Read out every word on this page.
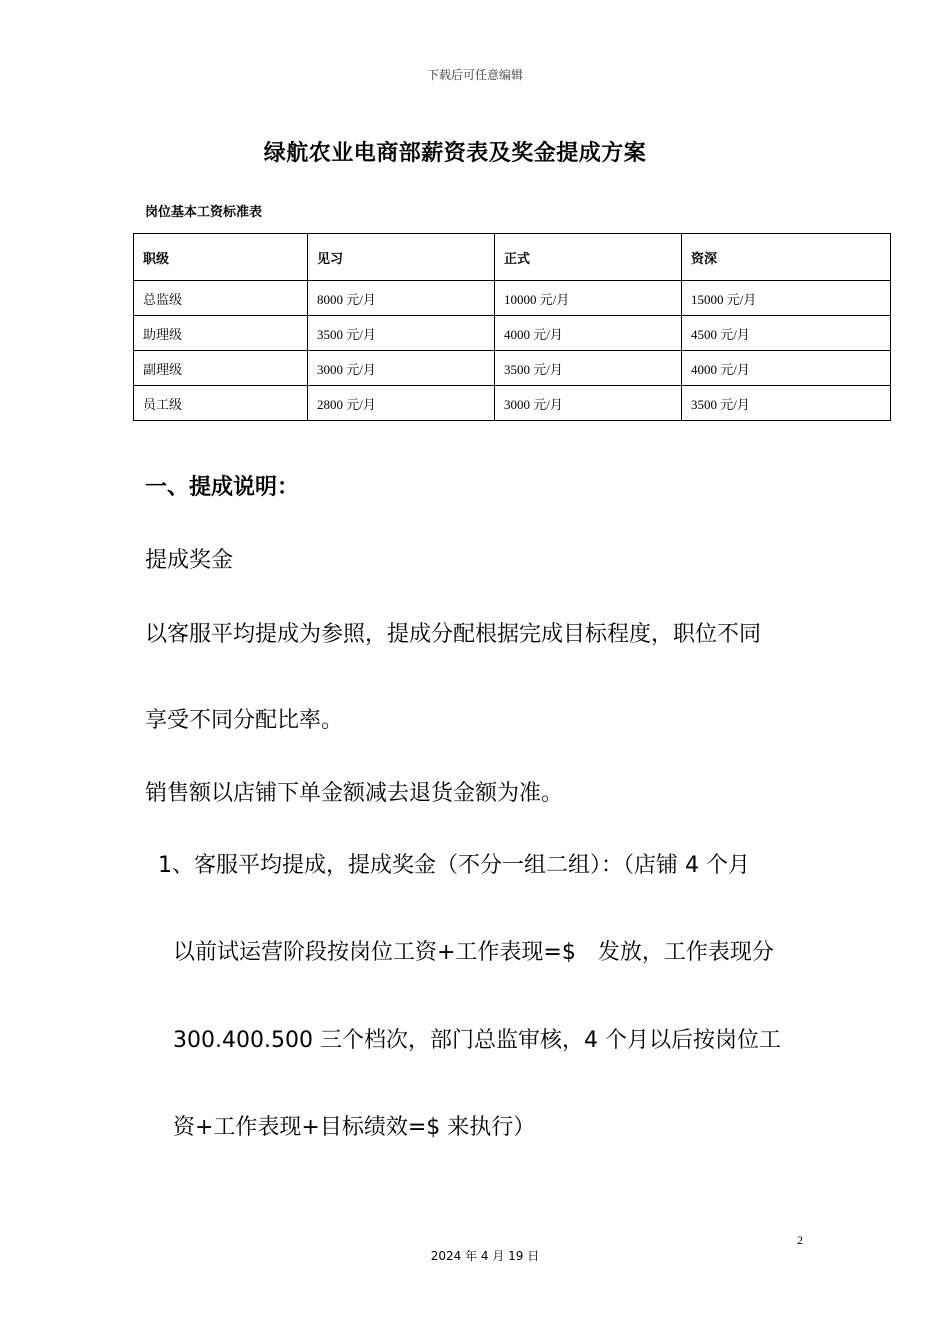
下载后可任意编辑
绿航农业电商部薪资表及奖金提成方案
岗位基本工资标准表
职级	见习	正式	资深
总监级	8000 元/月	10000 元/月	15000 元/月
助理级	3500 元/月	4000 元/月	4500 元/月
副理级	3000 元/月	3500 元/月	4000 元/月
员工级	2800 元/月	3000 元/月	3500 元/月
一、提成说明：
提成奖金
以客服平均提成为参照，提成分配根据完成目标程度，职位不同
享受不同分配比率。
销售额以店铺下单金额减去退货金额为准。
1、客服平均提成，提成奖金（不分一组二组）：（店铺 4 个月
以前试运营阶段按岗位工资+工作表现=$　发放，工作表现分
300.400.500 三个档次，部门总监审核，4 个月以后按岗位工
资+工作表现+目标绩效=$ 来执行）
2
2024 年 4 月 19 日
